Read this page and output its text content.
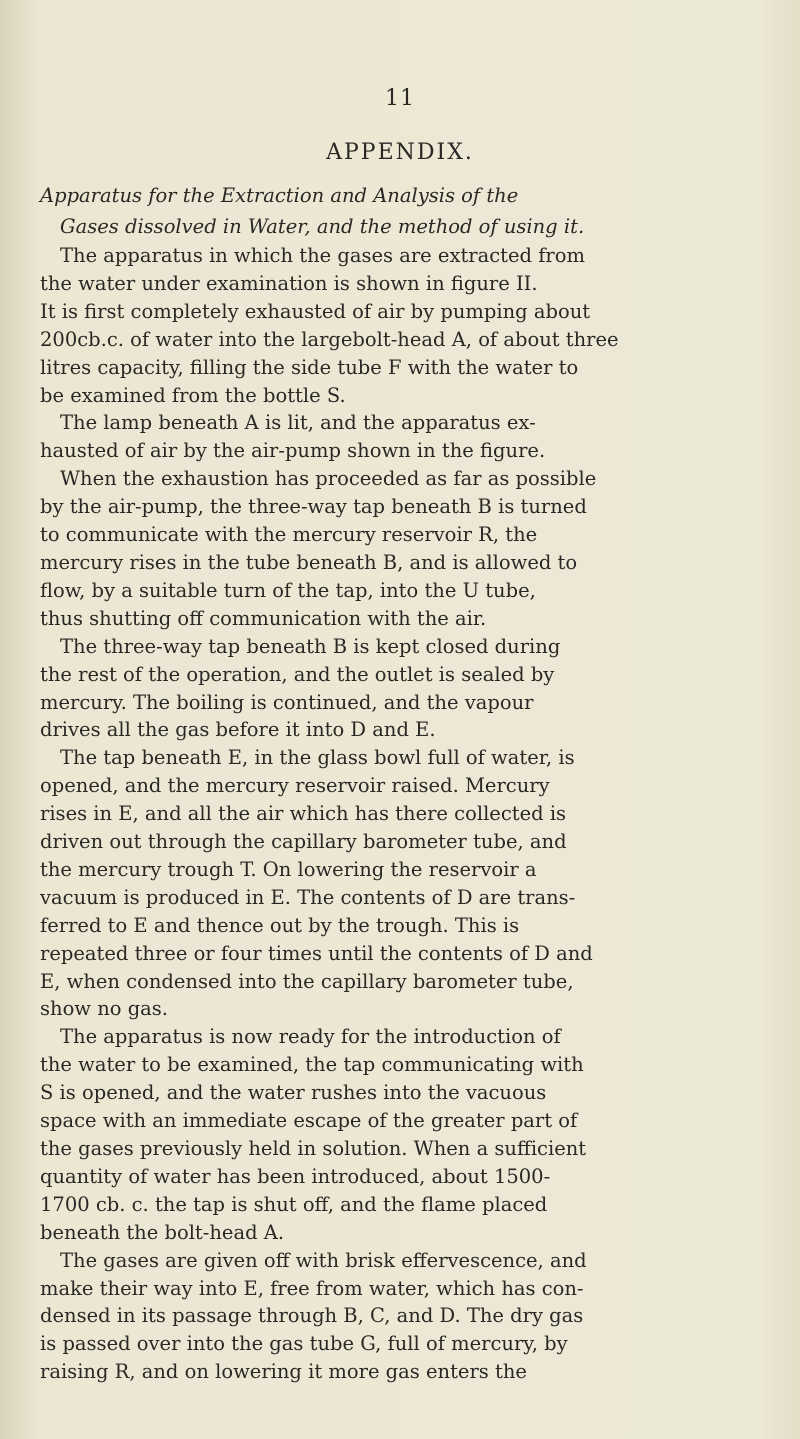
11
APPENDIX.
Apparatus for the Extraction and Analysis of the
Gases dissolved in Water, and the method of using it.
The apparatus in which the gases are extracted from
the water under examination is shown in figure II.
It is first completely exhausted of air by pumping about
200cb.c. of water into the largebolt-head A, of about three
litres capacity, filling the side tube F with the water to
be examined from the bottle S.
The lamp beneath A is lit, and the apparatus ex-
hausted of air by the air-pump shown in the figure.
When the exhaustion has proceeded as far as possible
by the air-pump, the three-way tap beneath B is turned
to communicate with the mercury reservoir R, the
mercury rises in the tube beneath B, and is allowed to
flow, by a suitable turn of the tap, into the U tube,
thus shutting off communication with the air.
The three-way tap beneath B is kept closed during
the rest of the operation, and the outlet is sealed by
mercury. The boiling is continued, and the vapour
drives all the gas before it into D and E.
The tap beneath E, in the glass bowl full of water, is
opened, and the mercury reservoir raised. Mercury
rises in E, and all the air which has there collected is
driven out through the capillary barometer tube, and
the mercury trough T. On lowering the reservoir a
vacuum is produced in E. The contents of D are trans-
ferred to E and thence out by the trough. This is
repeated three or four times until the contents of D and
E, when condensed into the capillary barometer tube,
show no gas.
The apparatus is now ready for the introduction of
the water to be examined, the tap communicating with
S is opened, and the water rushes into the vacuous
space with an immediate escape of the greater part of
the gases previously held in solution. When a sufficient
quantity of water has been introduced, about 1500-
1700 cb. c. the tap is shut off, and the flame placed
beneath the bolt-head A.
The gases are given off with brisk effervescence, and
make their way into E, free from water, which has con-
densed in its passage through B, C, and D. The dry gas
is passed over into the gas tube G, full of mercury, by
raising R, and on lowering it more gas enters the
